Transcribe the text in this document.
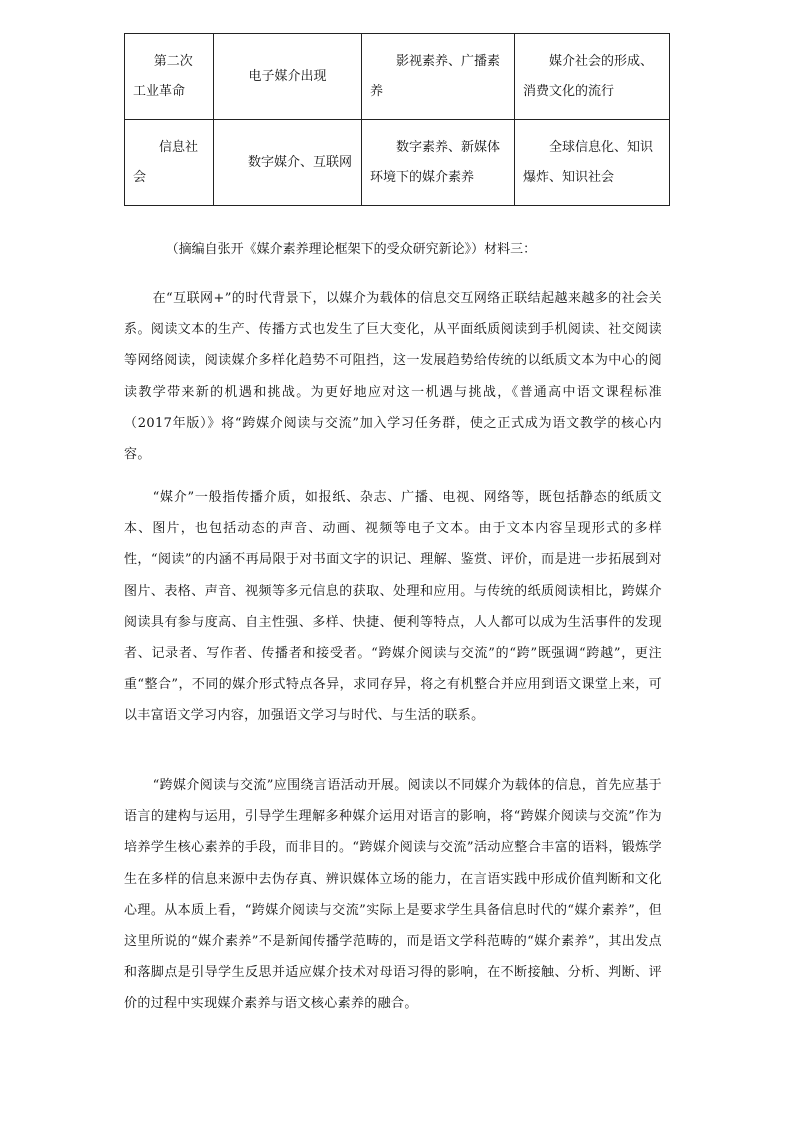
第二次工业革命	电子媒介出现	影视素养、广播素养	媒介社会的形成、消费文化的流行
信息社会	数字媒介、互联网	数字素养、新媒体环境下的媒介素养	全球信息化、知识爆炸、知识社会

（摘编自张开《媒介素养理论框架下的受众研究新论》）材料三：

在“互联网+”的时代背景下，以媒介为载体的信息交互网络正联结起越来越多的社会关系。阅读文本的生产、传播方式也发生了巨大变化，从平面纸质阅读到手机阅读、社交阅读等网络阅读，阅读媒介多样化趋势不可阻挡，这一发展趋势给传统的以纸质文本为中心的阅读教学带来新的机遇和挑战。为更好地应对这一机遇与挑战，《普通高中语文课程标准（2017年版）》将“跨媒介阅读与交流”加入学习任务群，使之正式成为语文教学的核心内容。

“媒介”一般指传播介质，如报纸、杂志、广播、电视、网络等，既包括静态的纸质文本、图片，也包括动态的声音、动画、视频等电子文本。由于文本内容呈现形式的多样性，“阅读”的内涵不再局限于对书面文字的识记、理解、鉴赏、评价，而是进一步拓展到对图片、表格、声音、视频等多元信息的获取、处理和应用。与传统的纸质阅读相比，跨媒介阅读具有参与度高、自主性强、多样、快捷、便利等特点，人人都可以成为生活事件的发现者、记录者、写作者、传播者和接受者。“跨媒介阅读与交流”的“跨”既强调“跨越”，更注重“整合”，不同的媒介形式特点各异，求同存异，将之有机整合并应用到语文课堂上来，可以丰富语文学习内容，加强语文学习与时代、与生活的联系。

“跨媒介阅读与交流”应围绕言语活动开展。阅读以不同媒介为载体的信息，首先应基于语言的建构与运用，引导学生理解多种媒介运用对语言的影响，将“跨媒介阅读与交流”作为培养学生核心素养的手段，而非目的。“跨媒介阅读与交流”活动应整合丰富的语料，锻炼学生在多样的信息来源中去伪存真、辨识媒体立场的能力，在言语实践中形成价值判断和文化心理。从本质上看，“跨媒介阅读与交流”实际上是要求学生具备信息时代的“媒介素养”，但这里所说的“媒介素养”不是新闻传播学范畴的，而是语文学科范畴的“媒介素养”，其出发点和落脚点是引导学生反思并适应媒介技术对母语习得的影响，在不断接触、分析、判断、评价的过程中实现媒介素养与语文核心素养的融合。
